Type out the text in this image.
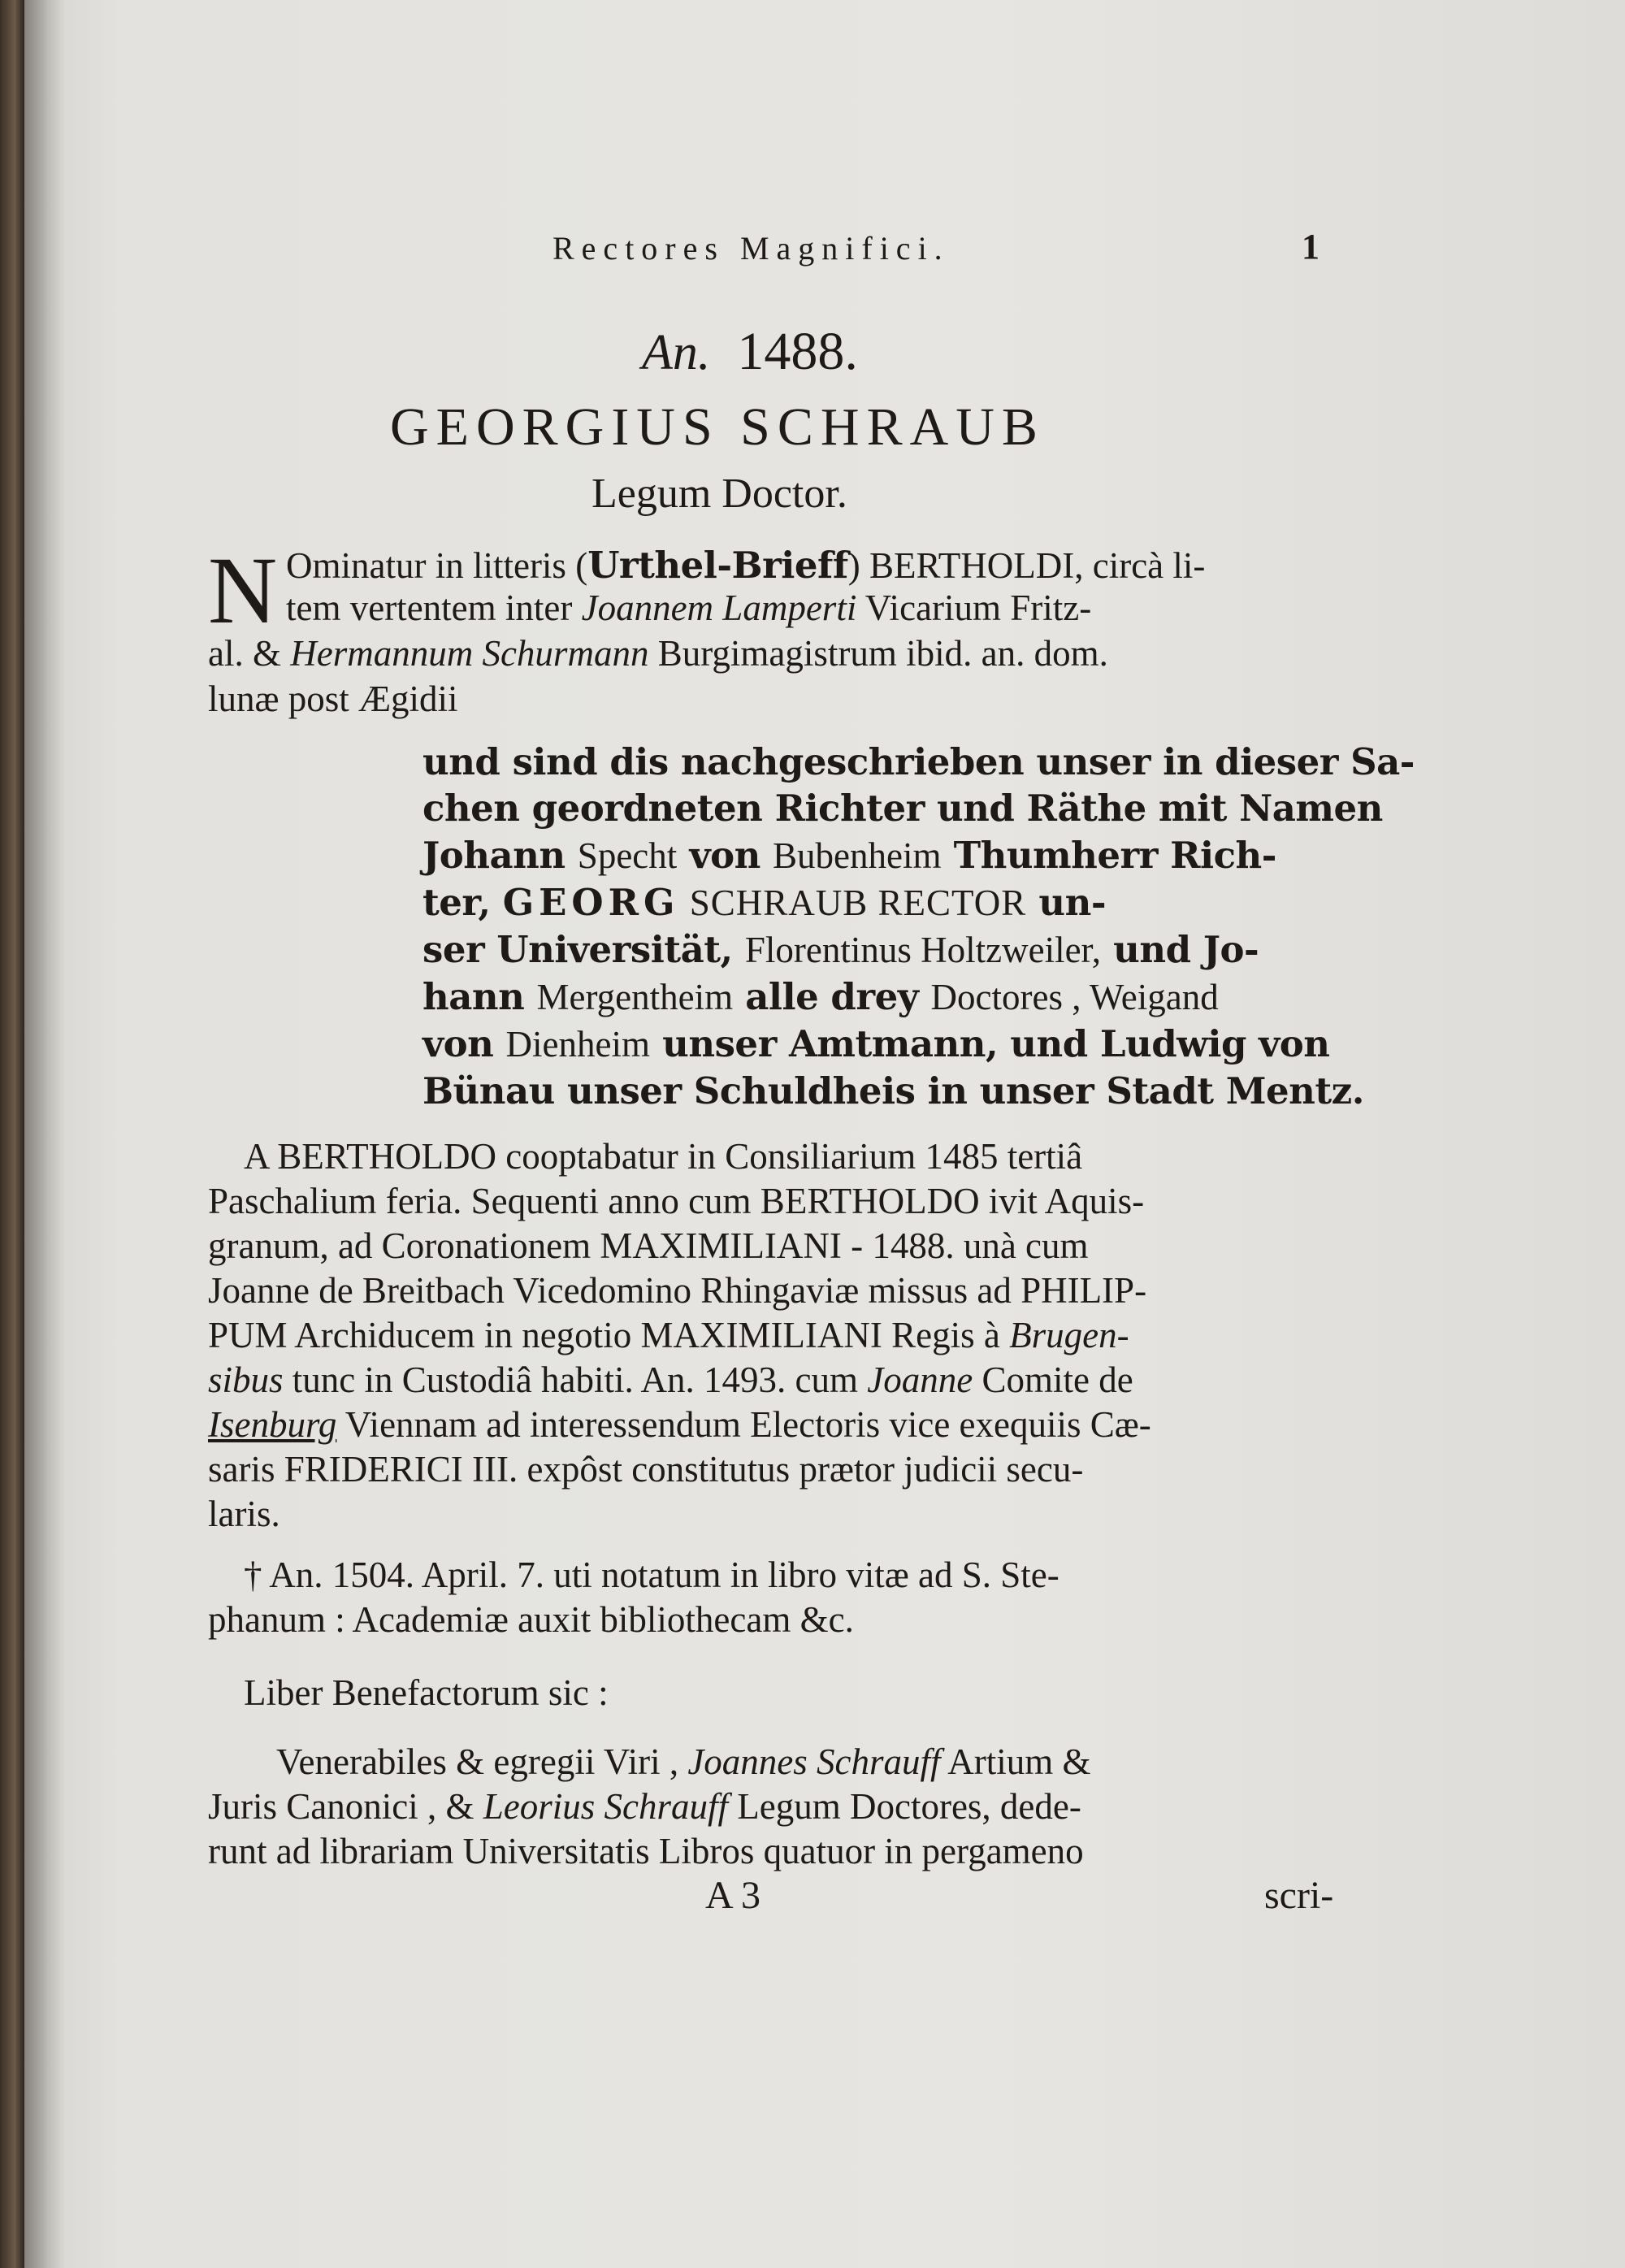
Rectores Magnifici.	1
An. 1488.
GEORGIUS SCHRAUB
Legum Doctor.
N Ominatur in litteris (Urthel-Brieff) BERTHOLDI, circà li-
tem vertentem inter Joannem Lamperti Vicarium Fritz-
al. & Hermannum Schurmann Burgimagistrum ibid. an. dom.
lunæ post Ægidii
und sind dis nachgeschrieben unser in dieser Sa-
chen geordneten Richter und Räthe mit Namen
Johann Specht von Bubenheim Thumherr Rich-
ter, GEORG SCHRAUB RECTOR un-
ser Universität, Florentinus Holtzweiler, und Jo-
hann Mergentheim alle drey Doctores , Weigand
von Dienheim unser Amtmann, und Ludwig von
Bünau unser Schuldheis in unser Stadt Mentz.
A BERTHOLDO cooptabatur in Consiliarium 1485 tertiâ
Paschalium feria. Sequenti anno cum BERTHOLDO ivit Aquis-
granum, ad Coronationem MAXIMILIANI - 1488. unà cum
Joanne de Breitbach Vicedomino Rhingaviæ missus ad PHILIP-
PUM Archiducem in negotio MAXIMILIANI Regis à Brugen-
sibus tunc in Custodiâ habiti. An. 1493. cum Joanne Comite de
Isenburg Viennam ad interessendum Electoris vice exequiis Cæ-
saris FRIDERICI III. expôst constitutus prætor judicii secu-
laris.
† An. 1504. April. 7. uti notatum in libro vitæ ad S. Ste-
phanum : Academiæ auxit bibliothecam &c.
Liber Benefactorum sic :
Venerabiles & egregii Viri , Joannes Schrauff Artium &
Juris Canonici , & Leorius Schrauff Legum Doctores, dede-
runt ad librariam Universitatis Libros quatuor in pergameno
A 3	scri-
